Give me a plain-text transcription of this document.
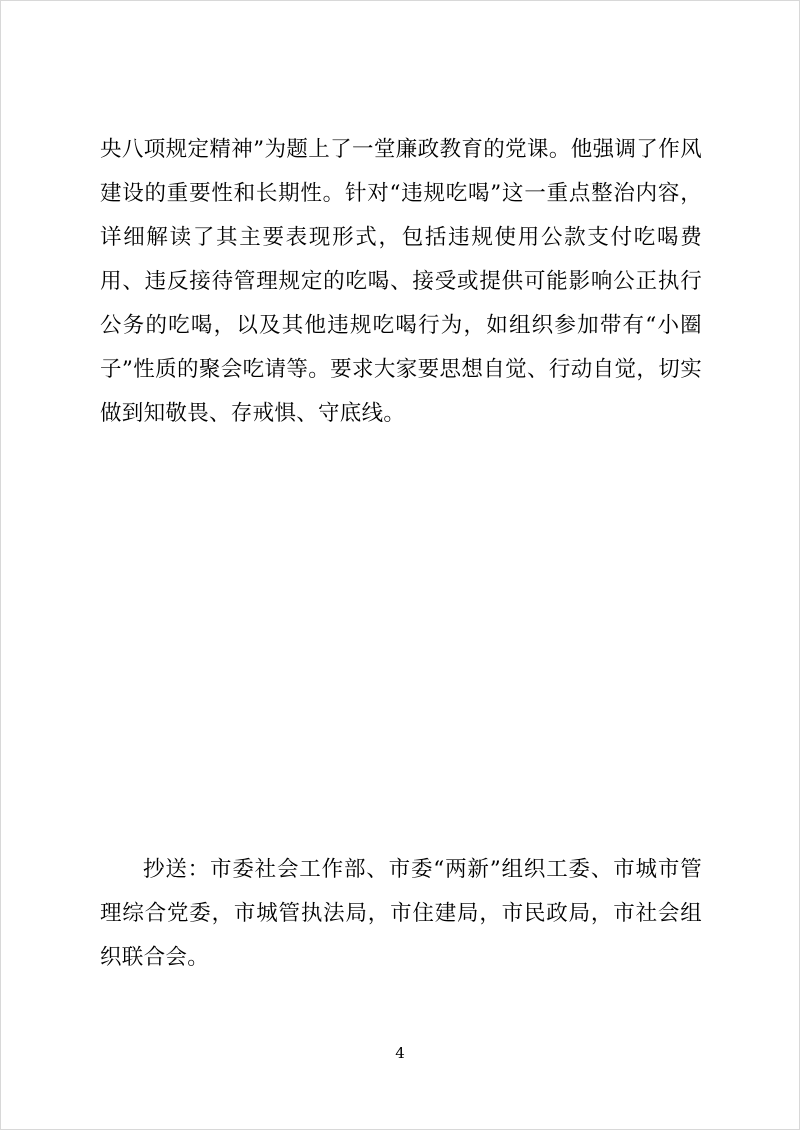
央八项规定精神”为题上了一堂廉政教育的党课。他强调了作风建设的重要性和长期性。针对“违规吃喝”这一重点整治内容，详细解读了其主要表现形式，包括违规使用公款支付吃喝费用、违反接待管理规定的吃喝、接受或提供可能影响公正执行公务的吃喝，以及其他违规吃喝行为，如组织参加带有“小圈子”性质的聚会吃请等。要求大家要思想自觉、行动自觉，切实做到知敬畏、存戒惧、守底线。

抄送：市委社会工作部、市委“两新”组织工委、市城市管理综合党委，市城管执法局，市住建局，市民政局，市社会组织联合会。

4
